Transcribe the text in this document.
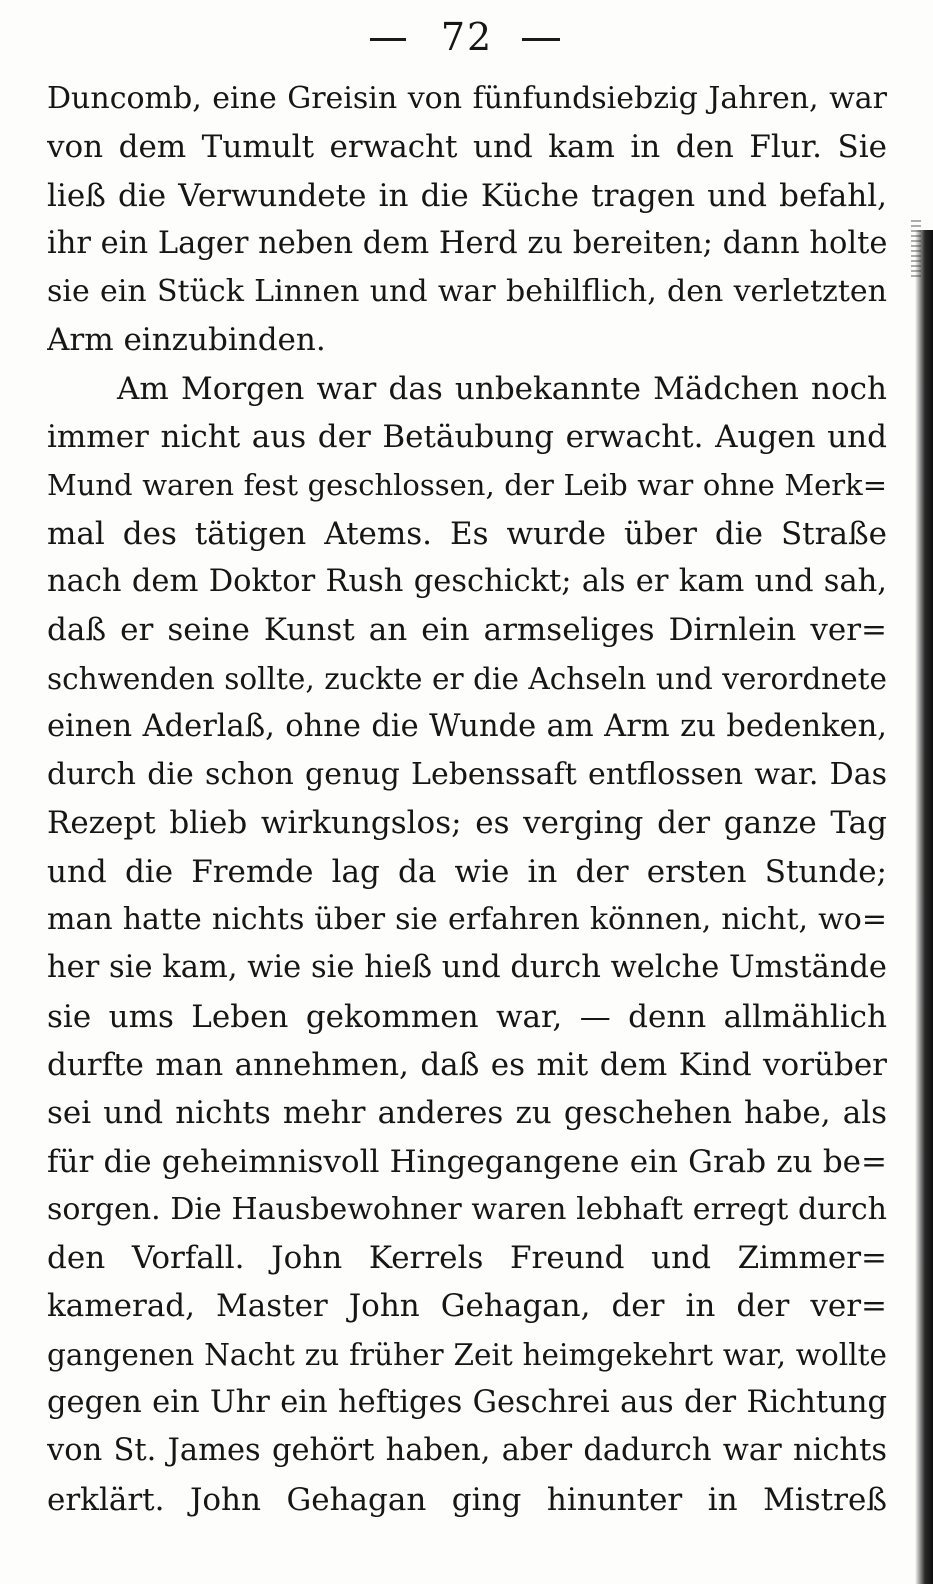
72
Duncomb, eine Greisin von fünfundsiebzig Jahren, war
von dem Tumult erwacht und kam in den Flur. Sie
ließ die Verwundete in die Küche tragen und befahl,
ihr ein Lager neben dem Herd zu bereiten; dann holte
sie ein Stück Linnen und war behilflich, den verletzten
Arm einzubinden.
Am Morgen war das unbekannte Mädchen noch
immer nicht aus der Betäubung erwacht. Augen und
Mund waren fest geschlossen, der Leib war ohne Merk=
mal des tätigen Atems. Es wurde über die Straße
nach dem Doktor Rush geschickt; als er kam und sah,
daß er seine Kunst an ein armseliges Dirnlein ver=
schwenden sollte, zuckte er die Achseln und verordnete
einen Aderlaß, ohne die Wunde am Arm zu bedenken,
durch die schon genug Lebenssaft entflossen war. Das
Rezept blieb wirkungslos; es verging der ganze Tag
und die Fremde lag da wie in der ersten Stunde;
man hatte nichts über sie erfahren können, nicht, wo=
her sie kam, wie sie hieß und durch welche Umstände
sie ums Leben gekommen war, — denn allmählich
durfte man annehmen, daß es mit dem Kind vorüber
sei und nichts mehr anderes zu geschehen habe, als
für die geheimnisvoll Hingegangene ein Grab zu be=
sorgen. Die Hausbewohner waren lebhaft erregt durch
den Vorfall. John Kerrels Freund und Zimmer=
kamerad, Master John Gehagan, der in der ver=
gangenen Nacht zu früher Zeit heimgekehrt war, wollte
gegen ein Uhr ein heftiges Geschrei aus der Richtung
von St. James gehört haben, aber dadurch war nichts
erklärt. John Gehagan ging hinunter in Mistreß
